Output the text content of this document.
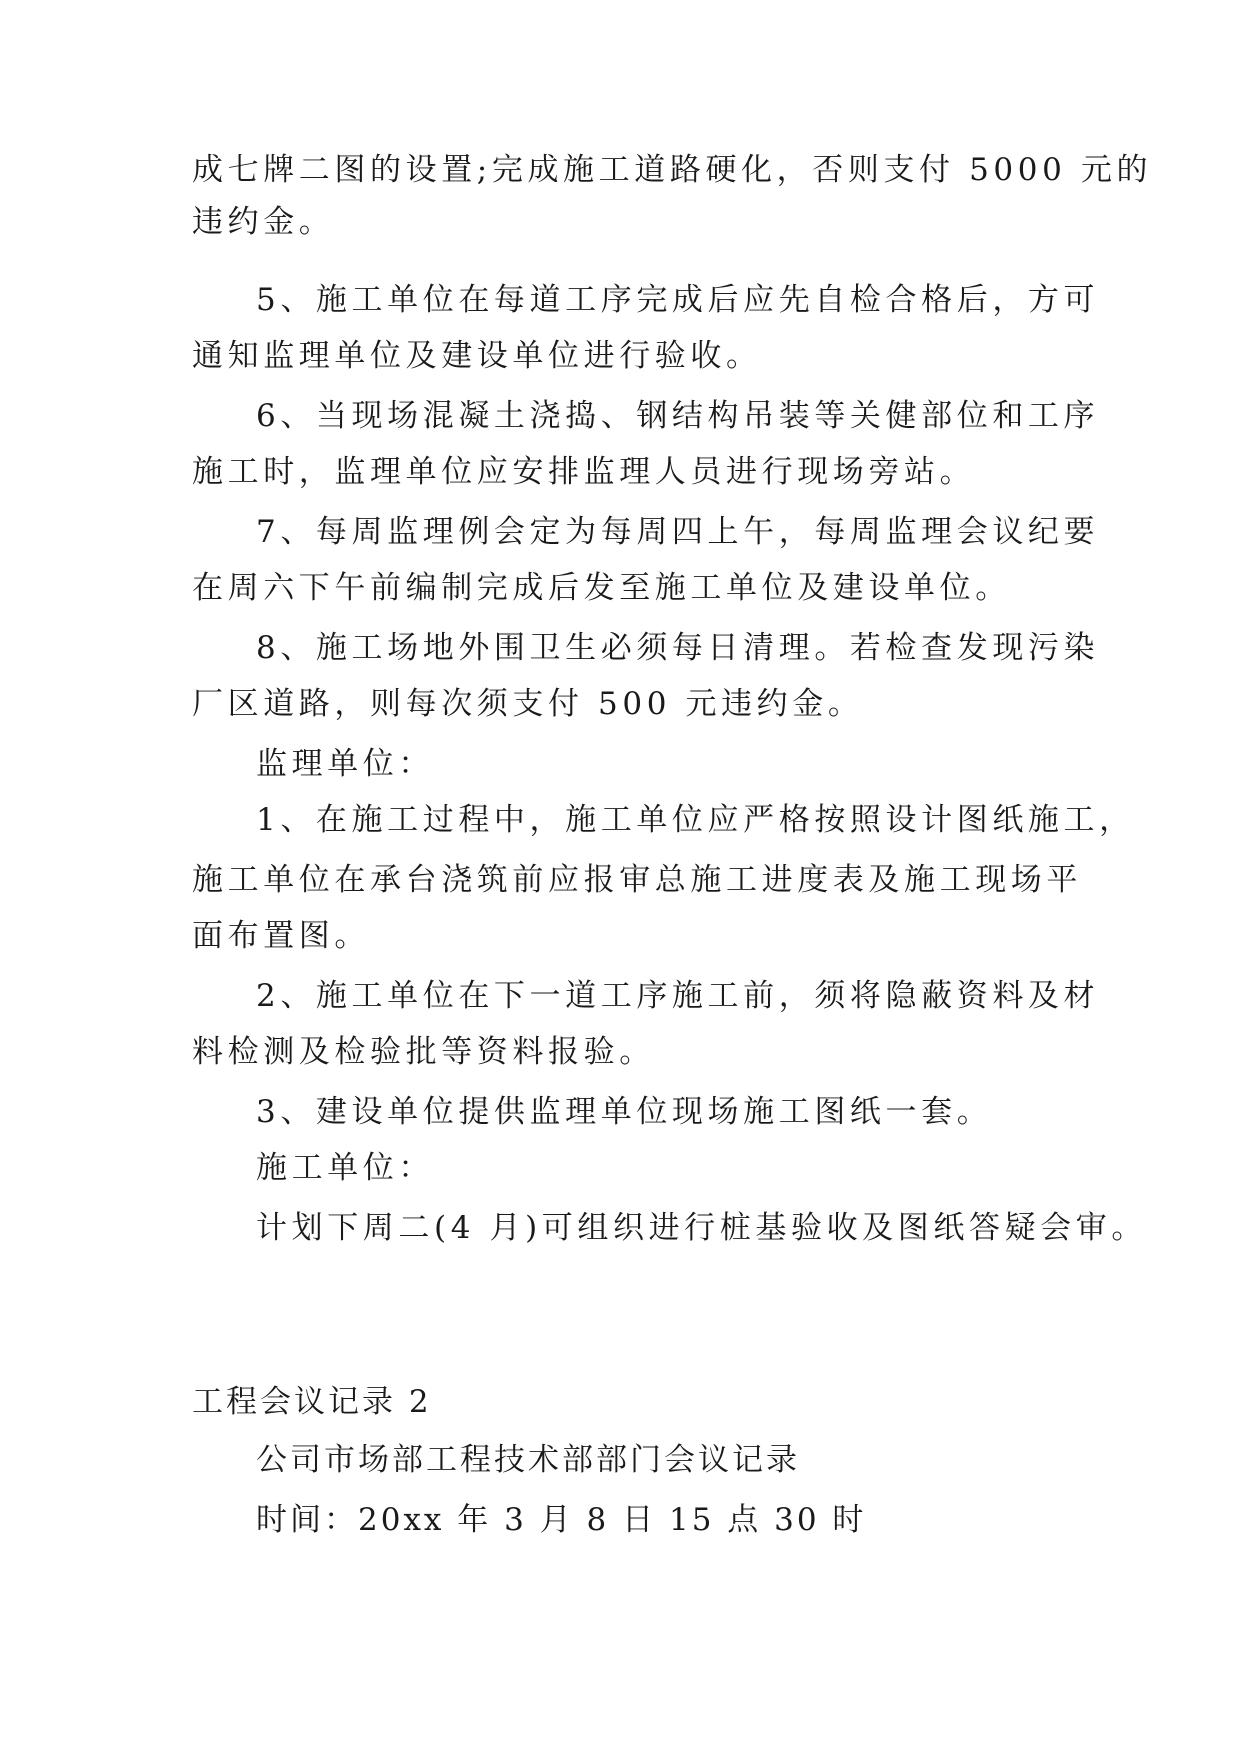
成七牌二图的设置;完成施工道路硬化，否则支付 5000 元的
违约金。
5、施工单位在每道工序完成后应先自检合格后，方可
通知监理单位及建设单位进行验收。
6、当现场混凝土浇捣、钢结构吊装等关健部位和工序
施工时，监理单位应安排监理人员进行现场旁站。
7、每周监理例会定为每周四上午，每周监理会议纪要
在周六下午前编制完成后发至施工单位及建设单位。
8、施工场地外围卫生必须每日清理。若检查发现污染
厂区道路，则每次须支付 500 元违约金。
监理单位：
1、在施工过程中，施工单位应严格按照设计图纸施工，
施工单位在承台浇筑前应报审总施工进度表及施工现场平
面布置图。
2、施工单位在下一道工序施工前，须将隐蔽资料及材
料检测及检验批等资料报验。
3、建设单位提供监理单位现场施工图纸一套。
施工单位：
计划下周二(4 月)可组织进行桩基验收及图纸答疑会审。
工程会议记录 2
公司市场部工程技术部部门会议记录
时间：20xx 年 3 月 8 日 15 点 30 时
